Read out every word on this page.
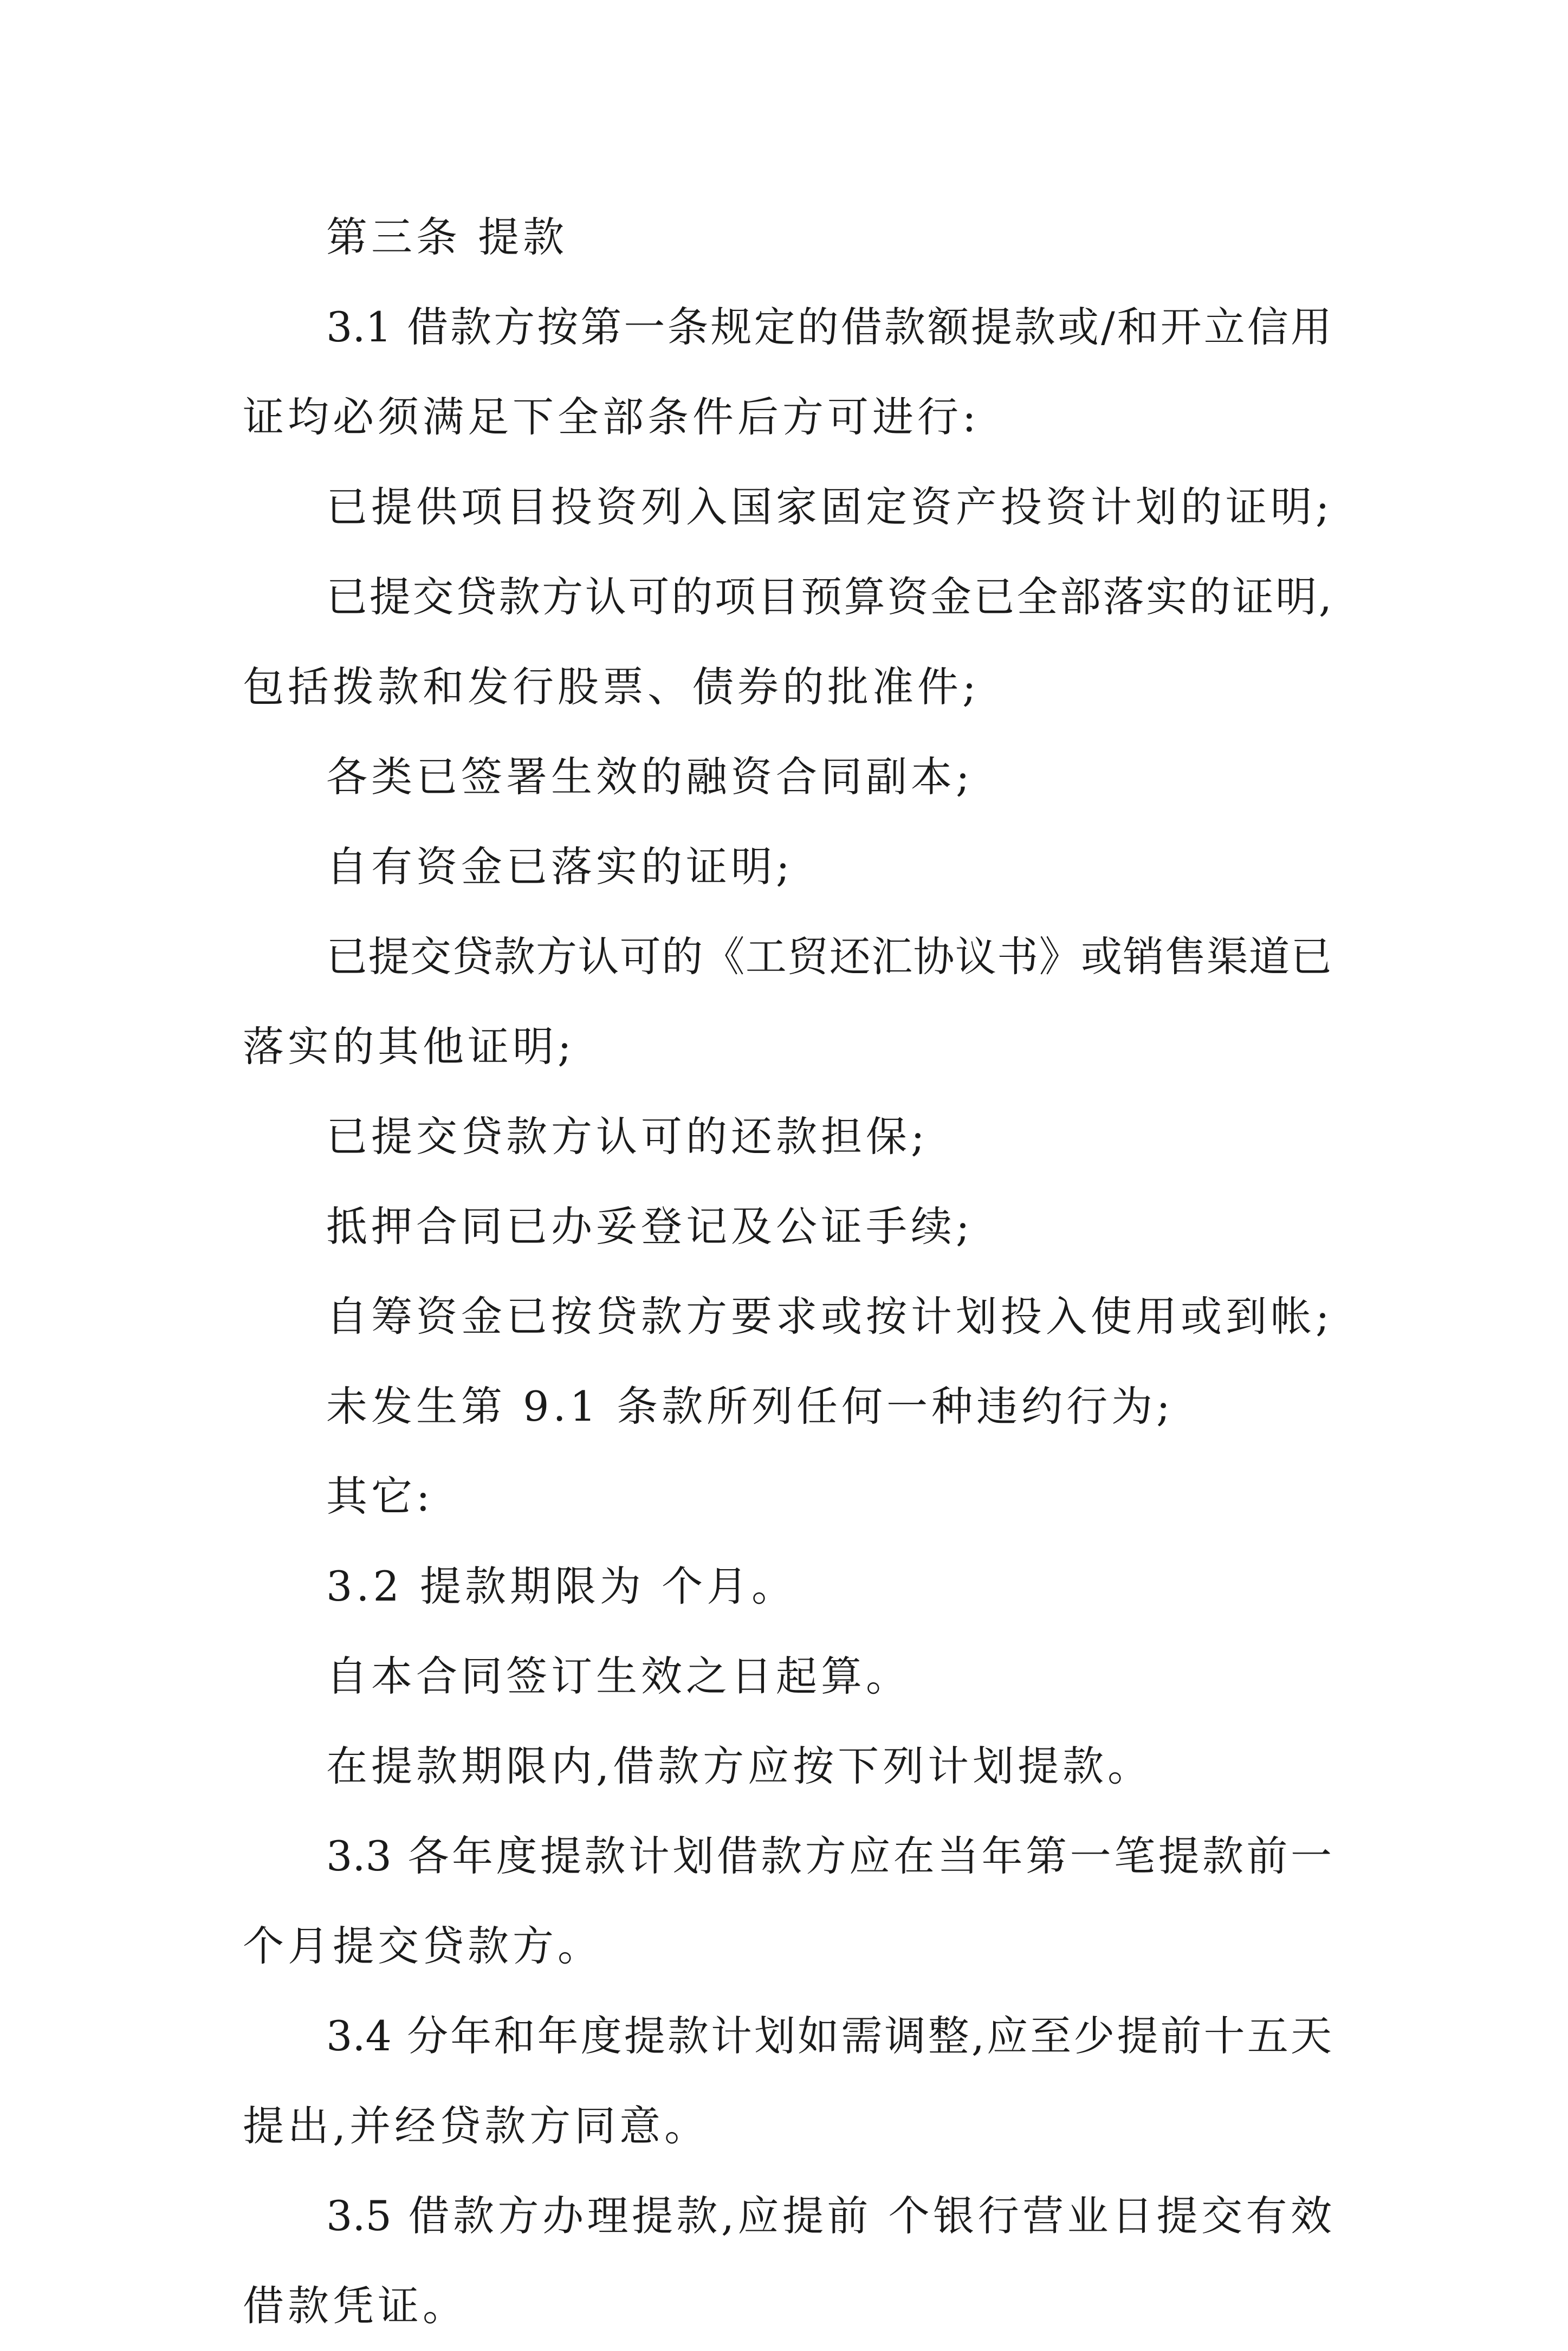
第三条 提款
3.1 借款方按第一条规定的借款额提款或/和开立信用
证均必须满足下全部条件后方可进行:
已提供项目投资列入国家固定资产投资计划的证明;
已提交贷款方认可的项目预算资金已全部落实的证明,
包括拨款和发行股票、债券的批准件;
各类已签署生效的融资合同副本;
自有资金已落实的证明;
已提交贷款方认可的《工贸还汇协议书》或销售渠道已
落实的其他证明;
已提交贷款方认可的还款担保;
抵押合同已办妥登记及公证手续;
自筹资金已按贷款方要求或按计划投入使用或到帐;
未发生第 9.1 条款所列任何一种违约行为;
其它:
3.2 提款期限为 个月。
自本合同签订生效之日起算。
在提款期限内,借款方应按下列计划提款。
3.3 各年度提款计划借款方应在当年第一笔提款前一
个月提交贷款方。
3.4 分年和年度提款计划如需调整,应至少提前十五天
提出,并经贷款方同意。
3.5 借款方办理提款,应提前 个银行营业日提交有效
借款凭证。
